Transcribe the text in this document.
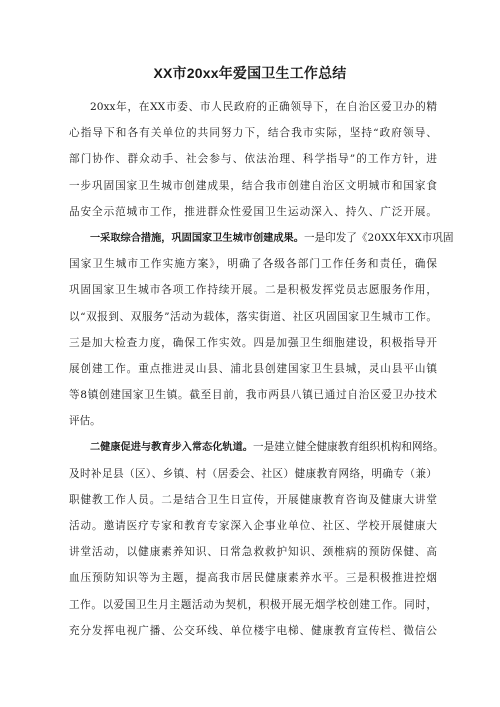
XX市20xx年爱国卫生工作总结
20xx年，在XX市委、市人民政府的正确领导下，在自治区爱卫办的精
心指导下和各有关单位的共同努力下，结合我市实际，坚持“政府领导、
部门协作、群众动手、社会参与、依法治理、科学指导”的工作方针，进
一步巩固国家卫生城市创建成果，结合我市创建自治区文明城市和国家食
品安全示范城市工作，推进群众性爱国卫生运动深入、持久、广泛开展。
一采取综合措施，巩固国家卫生城市创建成果。一是印发了《20XX年XX市巩固
国家卫生城市工作实施方案》，明确了各级各部门工作任务和责任，确保
巩固国家卫生城市各项工作持续开展。二是积极发挥党员志愿服务作用，
以“双报到、双服务”活动为载体，落实街道、社区巩固国家卫生城市工作。
三是加大检查力度，确保工作实效。四是加强卫生细胞建设，积极指导开
展创建工作。重点推进灵山县、浦北县创建国家卫生县城，灵山县平山镇
等8镇创建国家卫生镇。截至目前，我市两县八镇已通过自治区爱卫办技术
评估。
二健康促进与教育步入常态化轨道。一是建立健全健康教育组织机构和网络。
及时补足县（区）、乡镇、村（居委会、社区）健康教育网络，明确专（兼）
职健教工作人员。二是结合卫生日宣传，开展健康教育咨询及健康大讲堂
活动。邀请医疗专家和教育专家深入企事业单位、社区、学校开展健康大
讲堂活动，以健康素养知识、日常急救救护知识、颈椎病的预防保健、高
血压预防知识等为主题，提高我市居民健康素养水平。三是积极推进控烟
工作。以爱国卫生月主题活动为契机，积极开展无烟学校创建工作。同时，
充分发挥电视广播、公交环线、单位楼宇电梯、健康教育宣传栏、微信公
